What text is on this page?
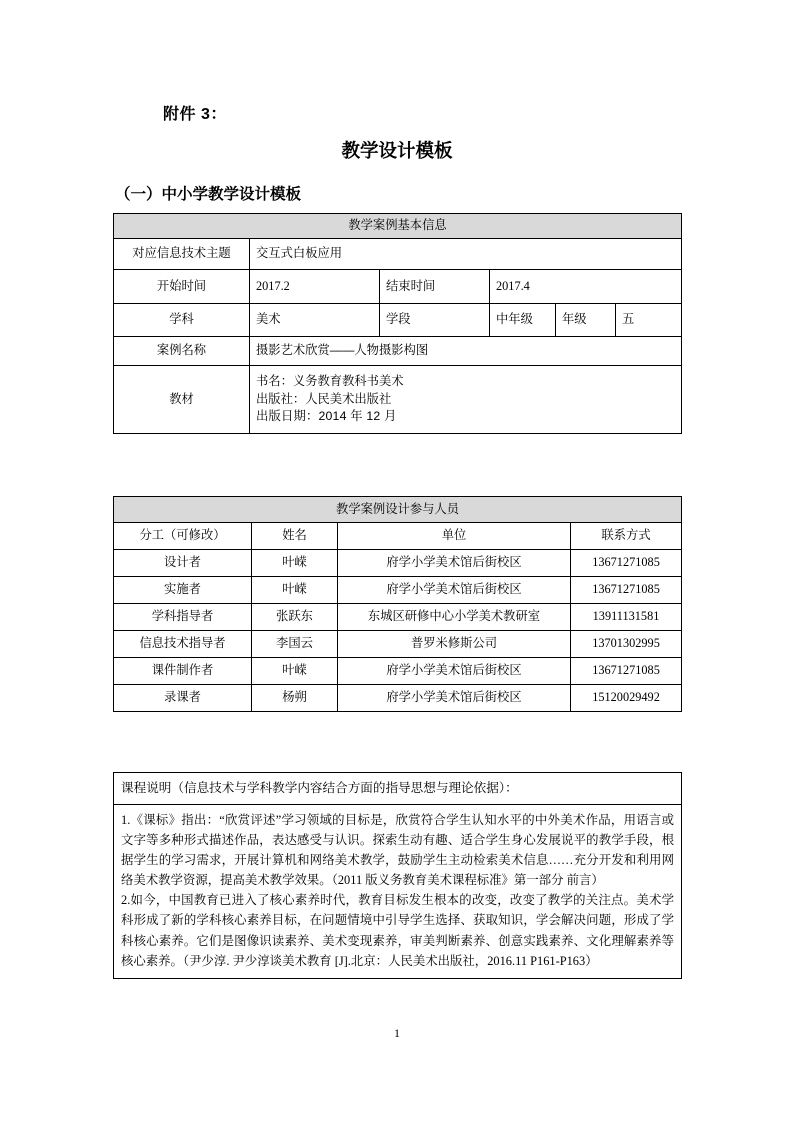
附件 3：
教学设计模板
（一）中小学教学设计模板
教学案例基本信息					
对应信息技术主题	交互式白板应用				
开始时间	2017.2	结束时间	2017.4		
学科	美术	学段	中年级	年级	五
案例名称	摄影艺术欣赏——人物摄影构图				
教材	书名：义务教育教科书美术
出版社：人民美术出版社
出版日期：2014 年 12 月				
教学案例设计参与人员			
分工（可修改）	姓名	单位	联系方式
设计者	叶嵘	府学小学美术馆后街校区	13671271085
实施者	叶嵘	府学小学美术馆后街校区	13671271085
学科指导者	张跃东	东城区研修中心小学美术教研室	13911131581
信息技术指导者	李国云	普罗米修斯公司	13701302995
课件制作者	叶嵘	府学小学美术馆后街校区	13671271085
录课者	杨朔	府学小学美术馆后街校区	15120029492
课程说明（信息技术与学科教学内容结合方面的指导思想与理论依据）：

1.《课标》指出：“欣赏评述”学习领域的目标是，欣赏符合学生认知水平的中外美术作品，用语言或文字等多种形式描述作品，表达感受与认识。探索生动有趣、适合学生身心发展说平的教学手段，根据学生的学习需求，开展计算机和网络美术教学，鼓励学生主动检索美术信息……充分开发和利用网络美术教学资源，提高美术教学效果。（2011 版义务教育美术课程标准》第一部分 前言）

2.如今，中国教育已进入了核心素养时代，教育目标发生根本的改变，改变了教学的关注点。美术学科形成了新的学科核心素养目标，在问题情境中引导学生选择、获取知识，学会解决问题，形成了学科核心素养。它们是图像识读素养、美术变现素养，审美判断素养、创意实践素养、文化理解素养等核心素养。（尹少淳. 尹少淳谈美术教育 [J].北京：人民美术出版社，2016.11 P161-P163）

1
